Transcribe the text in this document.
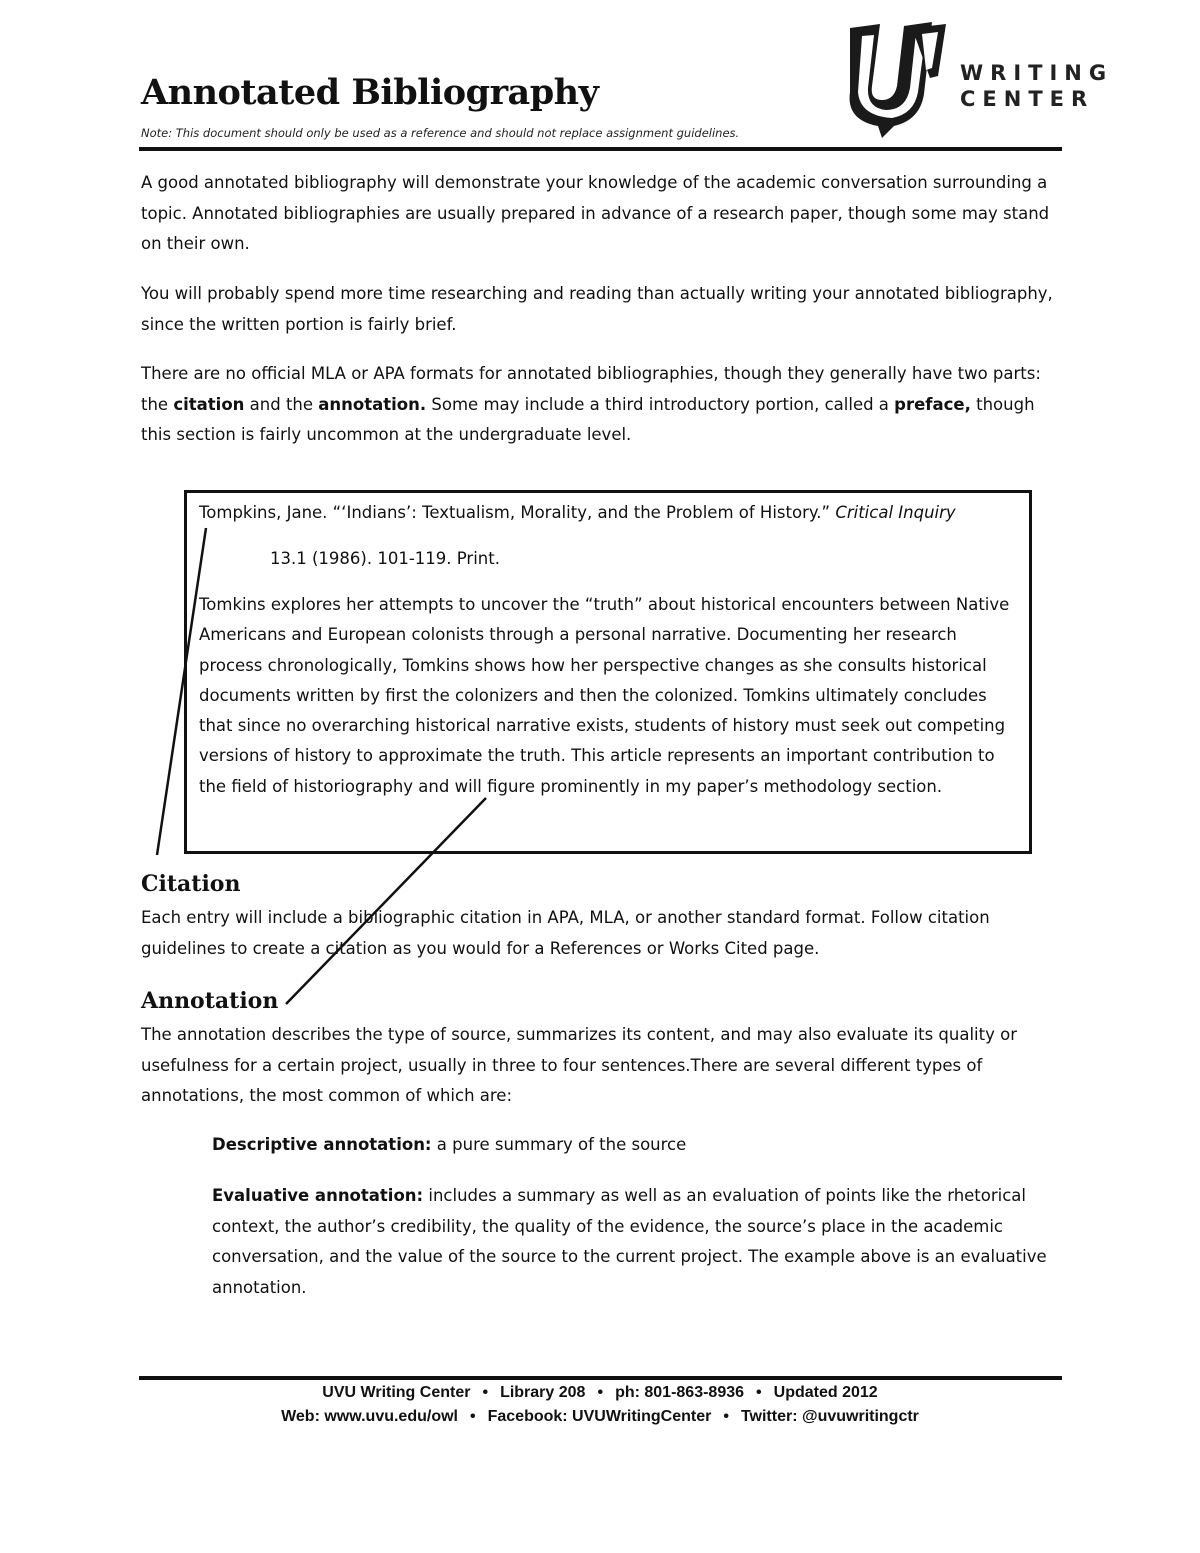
Annotated Bibliography
Note: This document should only be used as a reference and should not replace assignment guidelines.
WRITING
CENTER
A good annotated bibliography will demonstrate your knowledge of the academic conversation surrounding a topic. Annotated bibliographies are usually prepared in advance of a research paper, though some may stand on their own.
You will probably spend more time researching and reading than actually writing your annotated bibliography, since the written portion is fairly brief.
There are no official MLA or APA formats for annotated bibliographies, though they generally have two parts: the citation and the annotation. Some may include a third introductory portion, called a preface, though this section is fairly uncommon at the undergraduate level.
Tompkins, Jane. “‘Indians’: Textualism, Morality, and the Problem of History.” Critical Inquiry
13.1 (1986). 101-119. Print.
Tomkins explores her attempts to uncover the “truth” about historical encounters between Native Americans and European colonists through a personal narrative. Documenting her research process chronologically, Tomkins shows how her perspective changes as she consults historical documents written by first the colonizers and then the colonized. Tomkins ultimately concludes that since no overarching historical narrative exists, students of history must seek out competing versions of history to approximate the truth. This article represents an important contribution to the field of historiography and will figure prominently in my paper’s methodology section.
Citation
Each entry will include a bibliographic citation in APA, MLA, or another standard format. Follow citation guidelines to create a citation as you would for a References or Works Cited page.
Annotation
The annotation describes the type of source, summarizes its content, and may also evaluate its quality or usefulness for a certain project, usually in three to four sentences.There are several different types of annotations, the most common of which are:
Descriptive annotation: a pure summary of the source
Evaluative annotation: includes a summary as well as an evaluation of points like the rhetorical context, the author’s credibility, the quality of the evidence, the source’s place in the academic conversation, and the value of the source to the current project. The example above is an evaluative annotation.
UVU Writing Center • Library 208 • ph: 801-863-8936 • Updated 2012
Web: www.uvu.edu/owl • Facebook: UVUWritingCenter • Twitter: @uvuwritingctr
